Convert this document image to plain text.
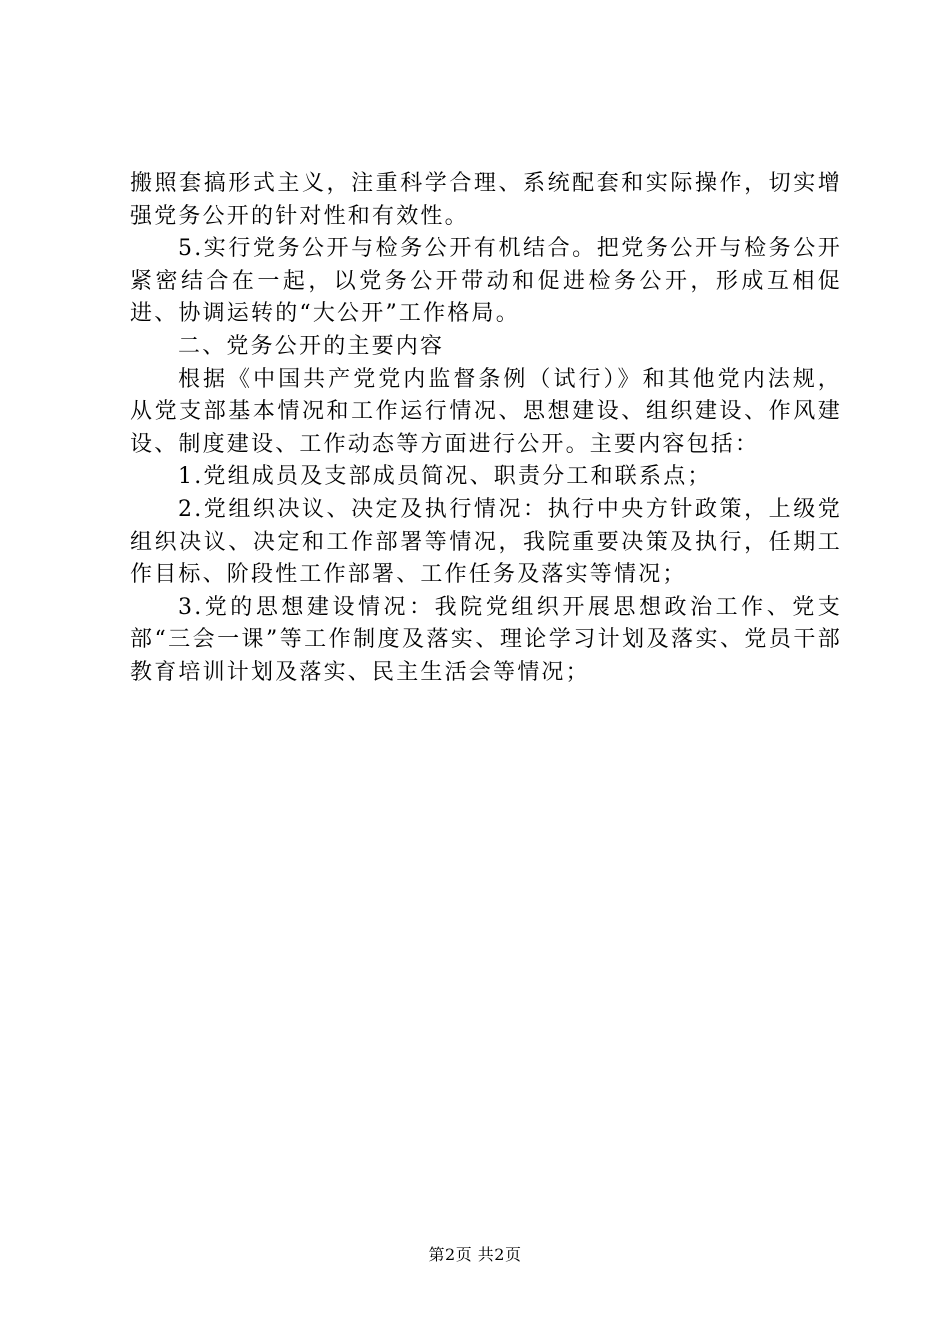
搬照套搞形式主义，注重科学合理、系统配套和实际操作，切实增强党务公开的针对性和有效性。

5.实行党务公开与检务公开有机结合。把党务公开与检务公开紧密结合在一起，以党务公开带动和促进检务公开，形成互相促进、协调运转的“大公开”工作格局。

二、党务公开的主要内容

根据《中国共产党党内监督条例（试行）》和其他党内法规，从党支部基本情况和工作运行情况、思想建设、组织建设、作风建设、制度建设、工作动态等方面进行公开。主要内容包括：

1.党组成员及支部成员简况、职责分工和联系点；

2.党组织决议、决定及执行情况：执行中央方针政策，上级党组织决议、决定和工作部署等情况，我院重要决策及执行，任期工作目标、阶段性工作部署、工作任务及落实等情况；

3.党的思想建设情况：我院党组织开展思想政治工作、党支部“三会一课”等工作制度及落实、理论学习计划及落实、党员干部教育培训计划及落实、民主生活会等情况；

第2页 共2页
